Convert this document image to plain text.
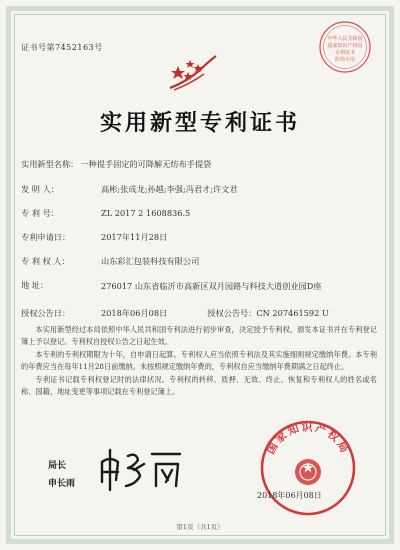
证书号第7452163号
中华人民共和国
国家知识产权局
专利证书
防伪专用
实用新型专利证书
实用新型名称： 一种提手固定的可降解无纺布手提袋
发 明 人：	高彬;张成龙;孙越;李强;冯君才;许文君
专 利 号：	ZL 2017 2 1608836.5
专利申请日：	2017年11月28日
专 利 权 人：	山东彩汇包装科技有限公司
地 址：	276017 山东省临沂市高新区双月园路与科技大道创业园D座
授权公告日：	2018年06月08日	授权公告号：CN 207461592 U

本实用新型经过本局依照中华人民共和国专利法进行初步审查，决定授予专利权，颁发本证书并在专利登记簿上予以登记。专利权自授权公告之日起生效。

本专利的专利权期限为十年，自申请日起算。专利权人应当依照专利法及其实施细则规定缴纳年费。本专利的年费应当在每年11月28日前缴纳。未按照规定缴纳年费的，专利权自应当缴纳年费期满之日起终止。

专利证书记载专利权登记时的法律状况。专利权的转移、质押、无效、终止、恢复和专利权人的姓名或名称、国籍、地址变更等事项记载在专利登记簿上。

局长
申长雨
国家知识产权局
2018年06月08日
第1页（共1页）
